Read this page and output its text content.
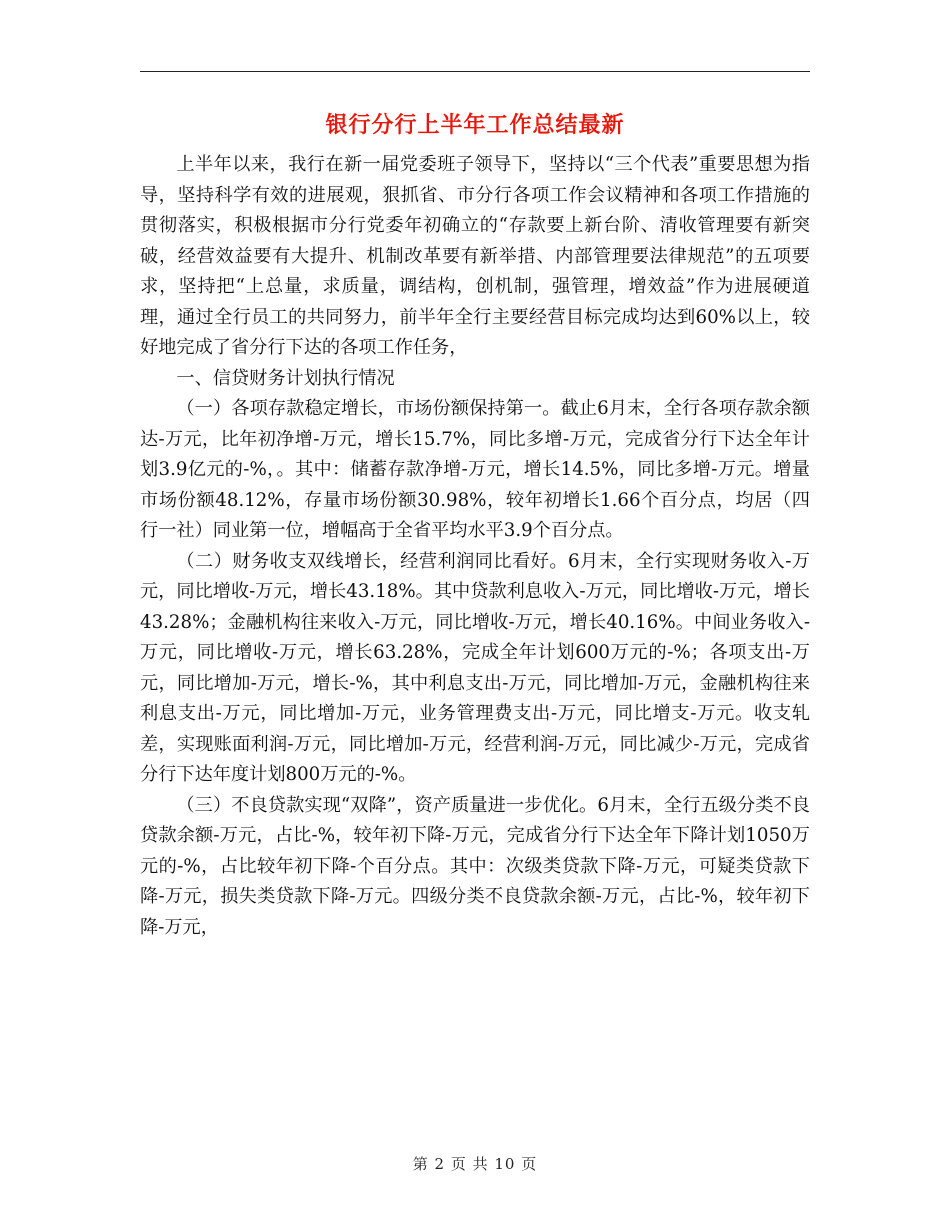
银行分行上半年工作总结最新

上半年以来，我行在新一届党委班子领导下，坚持以“三个代表”重要思想为指导，坚持科学有效的进展观，狠抓省、市分行各项工作会议精神和各项工作措施的贯彻落实，积极根据市分行党委年初确立的“存款要上新台阶、清收管理要有新突破，经营效益要有大提升、机制改革要有新举措、内部管理要法律规范”的五项要求，坚持把“上总量，求质量，调结构，创机制，强管理，增效益”作为进展硬道理，通过全行员工的共同努力，前半年全行主要经营目标完成均达到60%以上，较好地完成了省分行下达的各项工作任务，

一、信贷财务计划执行情况

（一）各项存款稳定增长，市场份额保持第一。截止6月末，全行各项存款余额达-万元，比年初净增-万元，增长15.7%，同比多增-万元，完成省分行下达全年计划3.9亿元的-%，。其中：储蓄存款净增-万元，增长14.5%，同比多增-万元。增量市场份额48.12%，存量市场份额30.98%，较年初增长1.66个百分点，均居（四行一社）同业第一位，增幅高于全省平均水平3.9个百分点。

（二）财务收支双线增长，经营利润同比看好。6月末，全行实现财务收入-万元，同比增收-万元，增长43.18%。其中贷款利息收入-万元，同比增收-万元，增长43.28%；金融机构往来收入-万元，同比增收-万元，增长40.16%。中间业务收入-万元，同比增收-万元，增长63.28%，完成全年计划600万元的-%；各项支出-万元，同比增加-万元，增长-%，其中利息支出-万元，同比增加-万元，金融机构往来利息支出-万元，同比增加-万元，业务管理费支出-万元，同比增支-万元。收支轧差，实现账面利润-万元，同比增加-万元，经营利润-万元，同比减少-万元，完成省分行下达年度计划800万元的-%。

（三）不良贷款实现“双降”，资产质量进一步优化。6月末，全行五级分类不良贷款余额-万元，占比-%，较年初下降-万元，完成省分行下达全年下降计划1050万元的-%，占比较年初下降-个百分点。其中：次级类贷款下降-万元，可疑类贷款下降-万元，损失类贷款下降-万元。四级分类不良贷款余额-万元，占比-%，较年初下降-万元，

第 2 页 共 10 页
